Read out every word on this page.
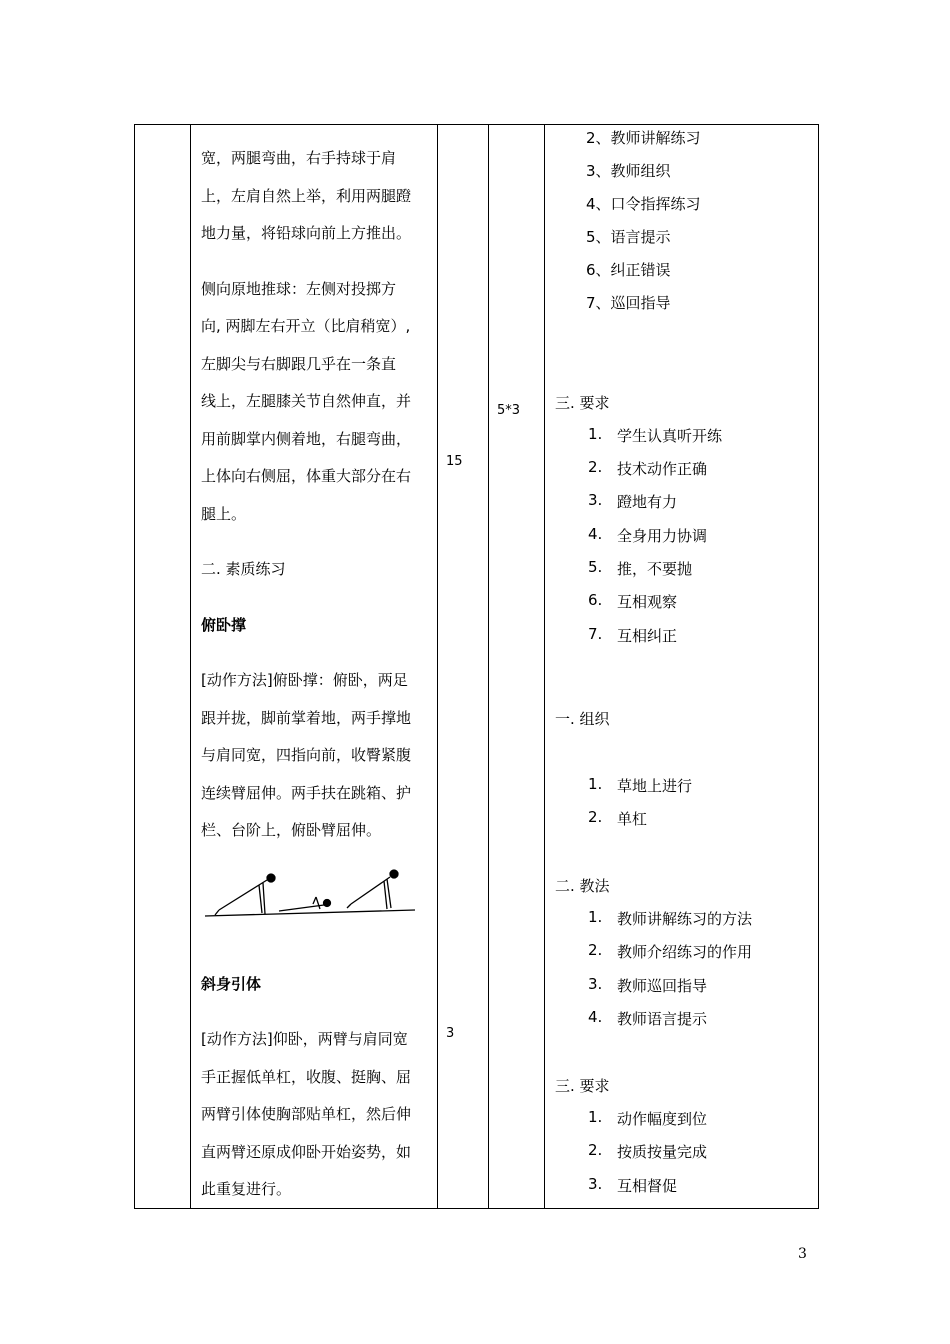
宽，两腿弯曲，右手持球于肩

上，左肩自然上举，利用两腿蹬

地力量，将铅球向前上方推出。

侧向原地推球：左侧对投掷方

向, 两脚左右开立（比肩稍宽）,

左脚尖与右脚跟几乎在一条直

线上，左腿膝关节自然伸直，并

用前脚掌内侧着地，右腿弯曲，

上体向右侧屈，体重大部分在右

腿上。

二. 素质练习

俯卧撑

[动作方法]俯卧撑：俯卧，两足

跟并拢，脚前掌着地，两手撑地

与肩同宽，四指向前，收臀紧腹

连续臂屈伸。两手扶在跳箱、护

栏、台阶上，俯卧臂屈伸。

斜身引体

[动作方法]仰卧，两臂与肩同宽

手正握低单杠，收腹、挺胸、屈

两臂引体使胸部贴单杠，然后伸

直两臂还原成仰卧开始姿势，如

此重复进行。

15
3
5*3
2、教师讲解练习
3、教师组织
4、口令指挥练习
5、语言提示
6、纠正错误
7、巡回指导
三. 要求
1. 学生认真听开练
2. 技术动作正确
3. 蹬地有力
4. 全身用力协调
5. 推，不要抛
6. 互相观察
7. 互相纠正
一. 组织
1. 草地上进行
2. 单杠
二. 教法
1. 教师讲解练习的方法
2. 教师介绍练习的作用
3. 教师巡回指导
4. 教师语言提示
三. 要求
1. 动作幅度到位
2. 按质按量完成
3. 互相督促
3
